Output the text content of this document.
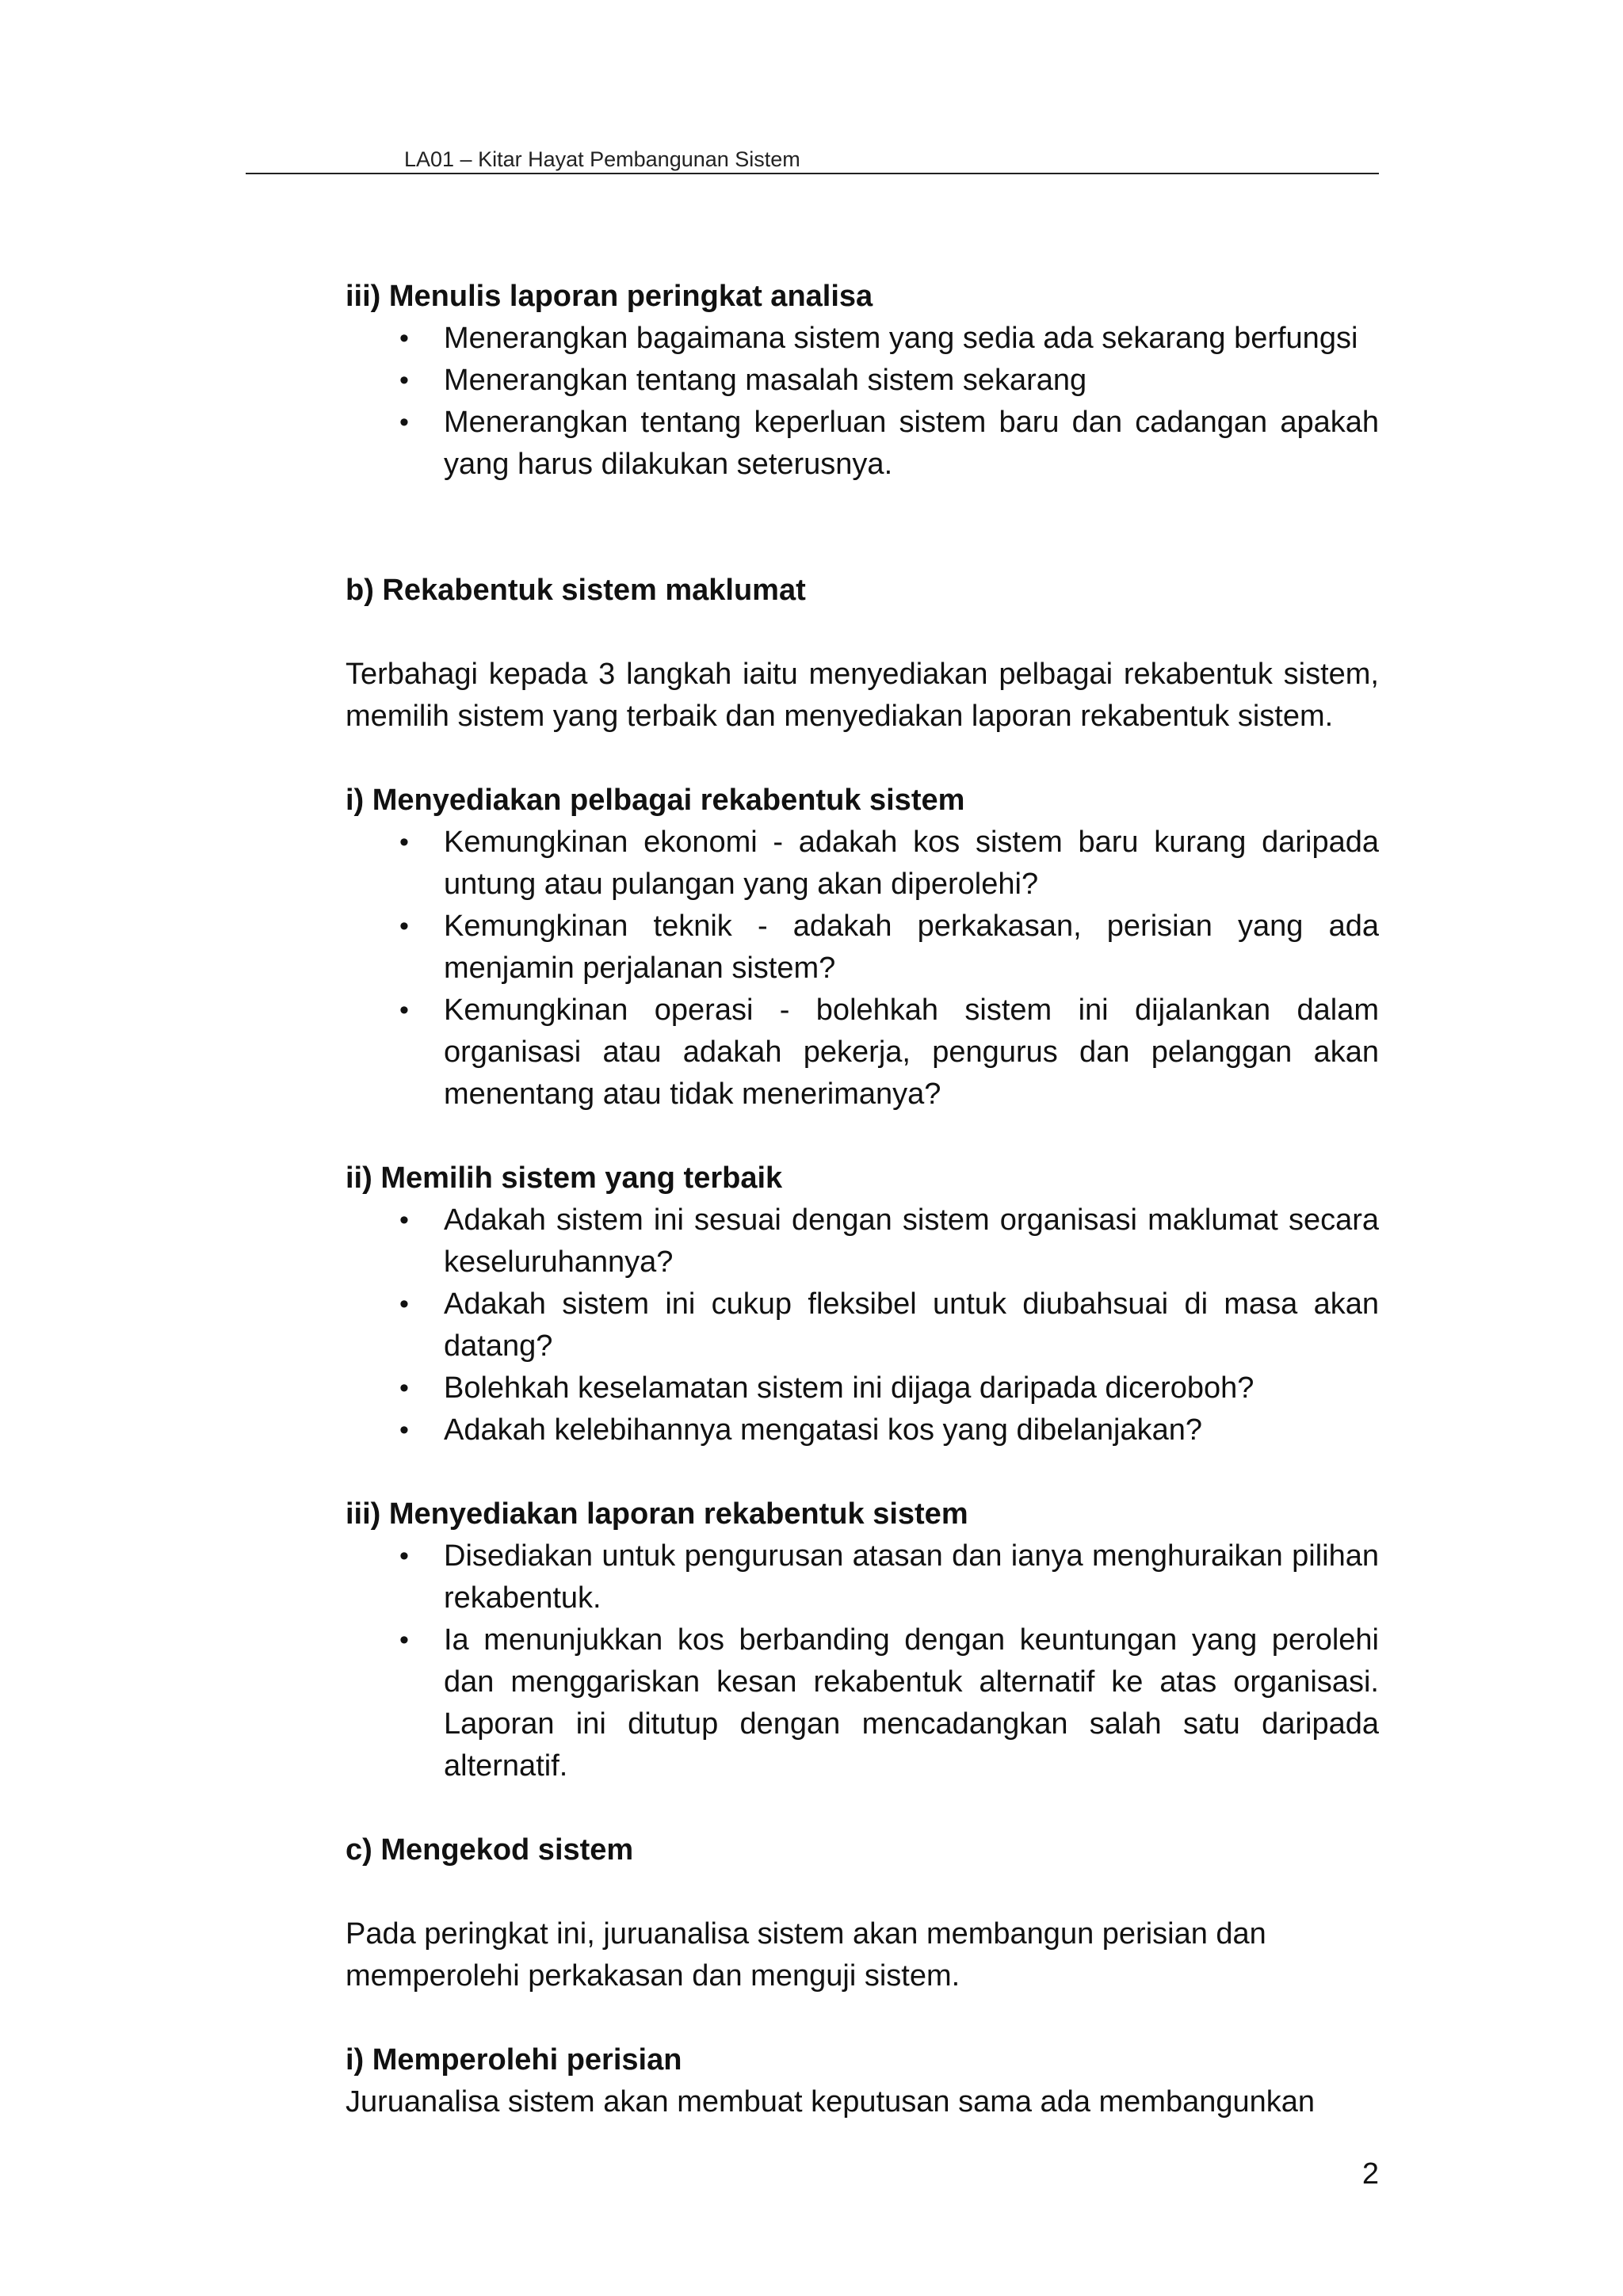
LA01 – Kitar Hayat Pembangunan Sistem

iii) Menulis laporan peringkat analisa

• Menerangkan bagaimana sistem yang sedia ada sekarang berfungsi
• Menerangkan tentang masalah sistem sekarang
• Menerangkan tentang keperluan sistem baru dan cadangan apakah yang harus dilakukan seterusnya.

b) Rekabentuk sistem maklumat

Terbahagi kepada 3 langkah iaitu menyediakan pelbagai rekabentuk sistem, memilih sistem yang terbaik dan menyediakan laporan rekabentuk sistem.

i) Menyediakan pelbagai rekabentuk sistem

• Kemungkinan ekonomi - adakah kos sistem baru kurang daripada untung atau pulangan yang akan diperolehi?
• Kemungkinan teknik - adakah perkakasan, perisian yang ada menjamin perjalanan sistem?
• Kemungkinan operasi - bolehkah sistem ini dijalankan dalam organisasi atau adakah pekerja, pengurus dan pelanggan akan menentang atau tidak menerimanya?

ii) Memilih sistem yang terbaik

• Adakah sistem ini sesuai dengan sistem organisasi maklumat secara keseluruhannya?
• Adakah sistem ini cukup fleksibel untuk diubahsuai di masa akan datang?
• Bolehkah keselamatan sistem ini dijaga daripada diceroboh?
• Adakah kelebihannya mengatasi kos yang dibelanjakan?

iii) Menyediakan laporan rekabentuk sistem

• Disediakan untuk pengurusan atasan dan ianya menghuraikan pilihan rekabentuk.
• Ia menunjukkan kos berbanding dengan keuntungan yang perolehi dan menggariskan kesan rekabentuk alternatif ke atas organisasi. Laporan ini ditutup dengan mencadangkan salah satu daripada alternatif.

c) Mengekod sistem

Pada peringkat ini, juruanalisa sistem akan membangun perisian dan memperolehi perkakasan dan menguji sistem.

i) Memperolehi perisian

Juruanalisa sistem akan membuat keputusan sama ada membangunkan

2
